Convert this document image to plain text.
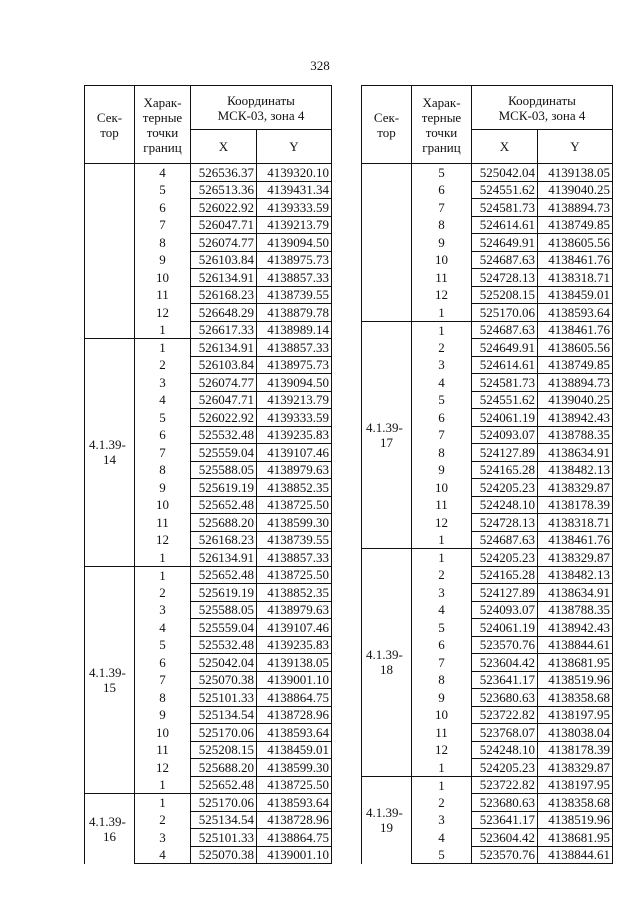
328
Сек-
тор	Харак-
терные
точки
границ	Координаты
МСК-03, зона 4	
		X	Y

	4	526536.37	4139320.10
	5	526513.36	4139431.34
	6	526022.92	4139333.59
	7	526047.71	4139213.79
	8	526074.77	4139094.50
	9	526103.84	4138975.73
	10	526134.91	4138857.33
	11	526168.23	4138739.55
	12	526648.29	4138879.78
	1	526617.33	4138989.14

4.1.39-
14	1	526134.91	4138857.33
	2	526103.84	4138975.73
	3	526074.77	4139094.50
	4	526047.71	4139213.79
	5	526022.92	4139333.59
	6	525532.48	4139235.83
	7	525559.04	4139107.46
	8	525588.05	4138979.63
	9	525619.19	4138852.35
	10	525652.48	4138725.50
	11	525688.20	4138599.30
	12	526168.23	4138739.55
	1	526134.91	4138857.33

4.1.39-
15	1	525652.48	4138725.50
	2	525619.19	4138852.35
	3	525588.05	4138979.63
	4	525559.04	4139107.46
	5	525532.48	4139235.83
	6	525042.04	4139138.05
	7	525070.38	4139001.10
	8	525101.33	4138864.75
	9	525134.54	4138728.96
	10	525170.06	4138593.64
	11	525208.15	4138459.01
	12	525688.20	4138599.30
	1	525652.48	4138725.50

4.1.39-
16	1	525170.06	4138593.64
	2	525134.54	4138728.96
	3	525101.33	4138864.75
	4	525070.38	4139001.10
Сек-
тор	Харак-
терные
точки
границ	Координаты
МСК-03, зона 4	
		X	Y

	5	525042.04	4139138.05
	6	524551.62	4139040.25
	7	524581.73	4138894.73
	8	524614.61	4138749.85
	9	524649.91	4138605.56
	10	524687.63	4138461.76
	11	524728.13	4138318.71
	12	525208.15	4138459.01
	1	525170.06	4138593.64

4.1.39-
17	1	524687.63	4138461.76
	2	524649.91	4138605.56
	3	524614.61	4138749.85
	4	524581.73	4138894.73
	5	524551.62	4139040.25
	6	524061.19	4138942.43
	7	524093.07	4138788.35
	8	524127.89	4138634.91
	9	524165.28	4138482.13
	10	524205.23	4138329.87
	11	524248.10	4138178.39
	12	524728.13	4138318.71
	1	524687.63	4138461.76

4.1.39-
18	1	524205.23	4138329.87
	2	524165.28	4138482.13
	3	524127.89	4138634.91
	4	524093.07	4138788.35
	5	524061.19	4138942.43
	6	523570.76	4138844.61
	7	523604.42	4138681.95
	8	523641.17	4138519.96
	9	523680.63	4138358.68
	10	523722.82	4138197.95
	11	523768.07	4138038.04
	12	524248.10	4138178.39
	1	524205.23	4138329.87

4.1.39-
19	1	523722.82	4138197.95
	2	523680.63	4138358.68
	3	523641.17	4138519.96
	4	523604.42	4138681.95
	5	523570.76	4138844.61
